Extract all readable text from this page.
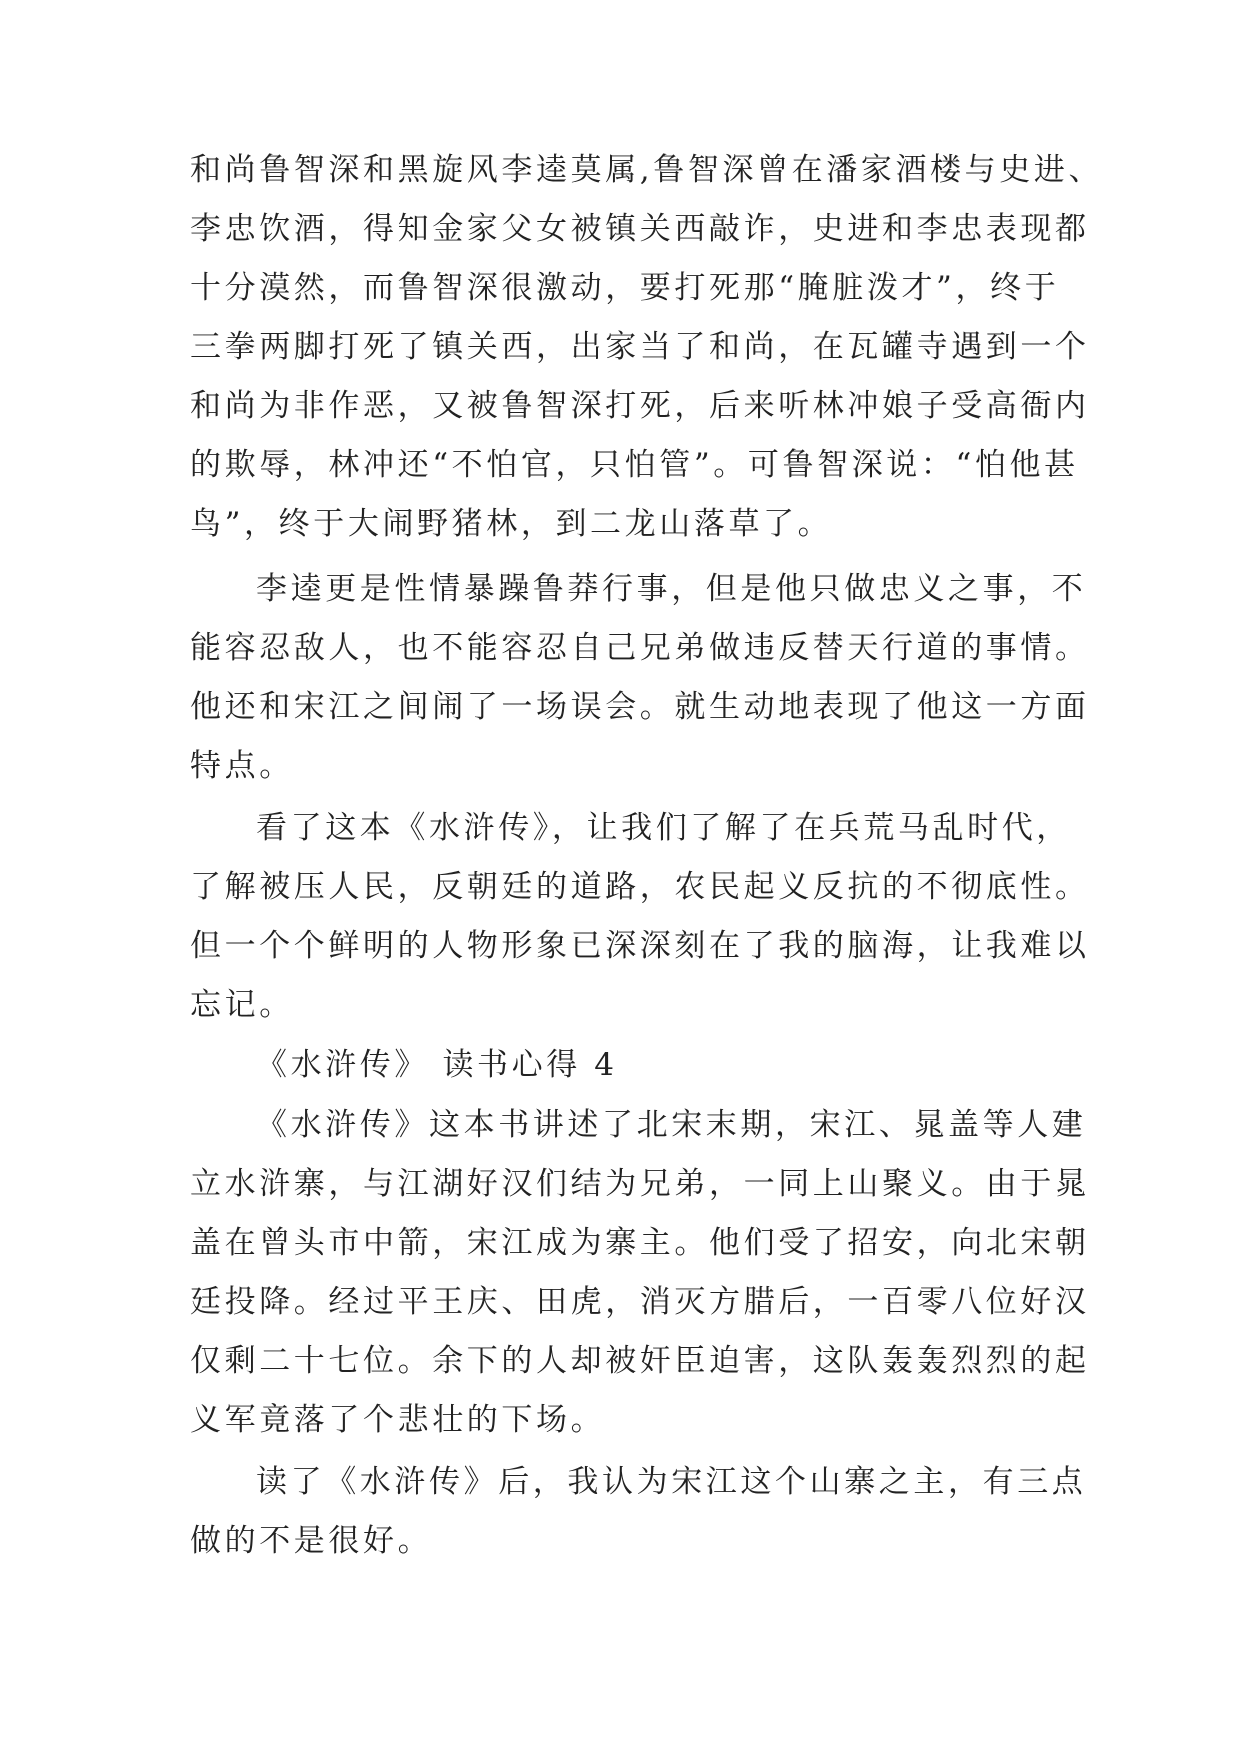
和尚鲁智深和黑旋风李逵莫属,鲁智深曾在潘家酒楼与史进、

李忠饮酒，得知金家父女被镇关西敲诈，史进和李忠表现都

十分漠然，而鲁智深很激动，要打死那“腌脏泼才”，终于

三拳两脚打死了镇关西，出家当了和尚，在瓦罐寺遇到一个

和尚为非作恶，又被鲁智深打死，后来听林冲娘子受高衙内

的欺辱，林冲还“不怕官，只怕管”。可鲁智深说：“怕他甚

鸟”，终于大闹野猪林，到二龙山落草了。

李逵更是性情暴躁鲁莽行事，但是他只做忠义之事，不

能容忍敌人，也不能容忍自己兄弟做违反替天行道的事情。

他还和宋江之间闹了一场误会。就生动地表现了他这一方面

特点。

看了这本《水浒传》，让我们了解了在兵荒马乱时代，

了解被压人民，反朝廷的道路，农民起义反抗的不彻底性。

但一个个鲜明的人物形象已深深刻在了我的脑海，让我难以

忘记。

《水浒传》 读书心得 4

《水浒传》这本书讲述了北宋末期，宋江、晁盖等人建

立水浒寨，与江湖好汉们结为兄弟，一同上山聚义。由于晁

盖在曾头市中箭，宋江成为寨主。他们受了招安，向北宋朝

廷投降。经过平王庆、田虎，消灭方腊后，一百零八位好汉

仅剩二十七位。余下的人却被奸臣迫害，这队轰轰烈烈的起

义军竟落了个悲壮的下场。

读了《水浒传》后，我认为宋江这个山寨之主，有三点

做的不是很好。
